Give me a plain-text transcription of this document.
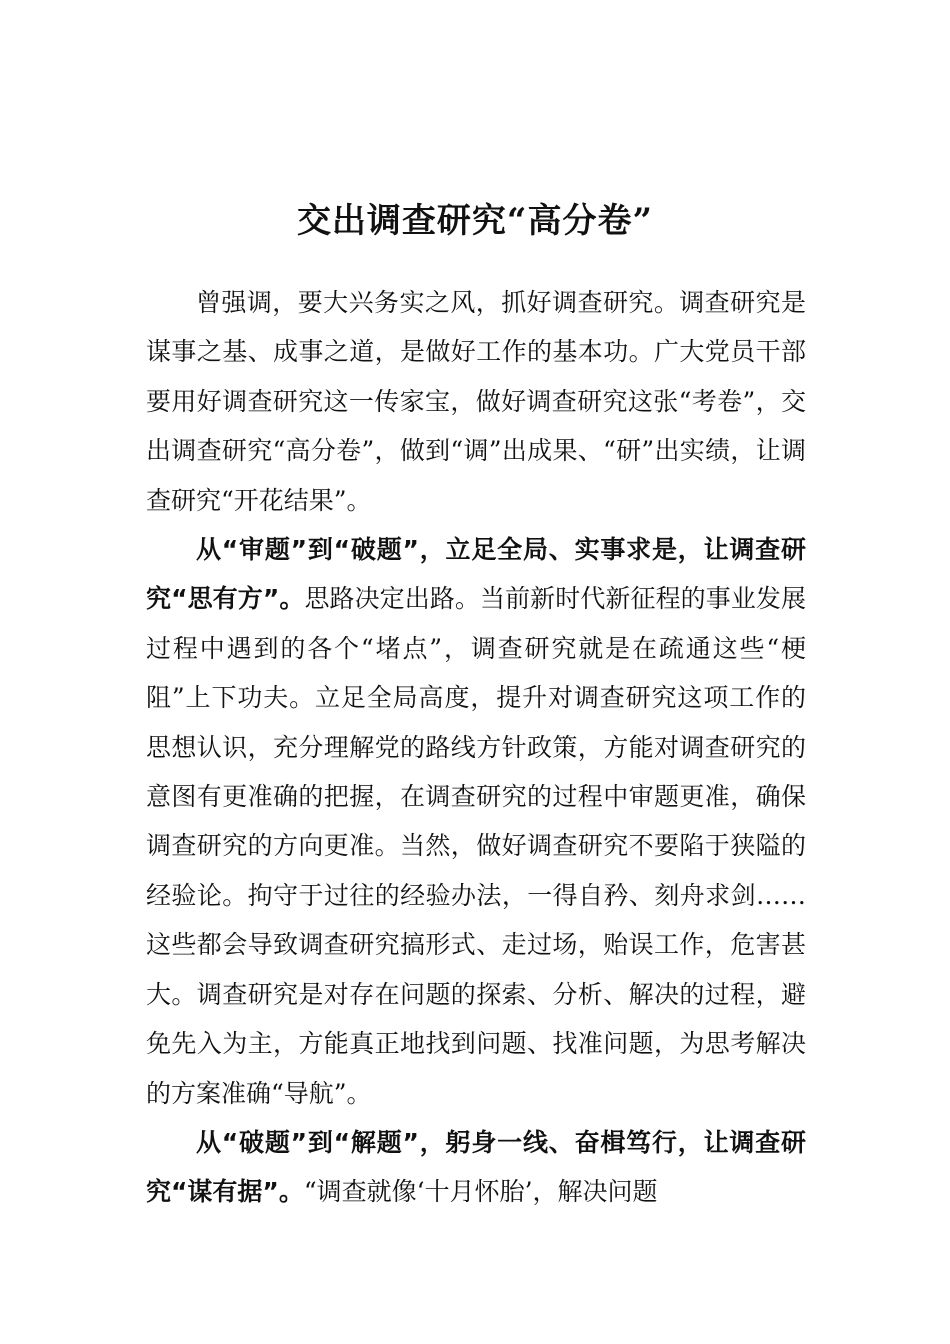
交出调查研究“高分卷”

曾强调，要大兴务实之风，抓好调查研究。调查研究是谋事之基、成事之道，是做好工作的基本功。广大党员干部要用好调查研究这一传家宝，做好调查研究这张“考卷”，交出调查研究“高分卷”，做到“调”出成果、“研”出实绩，让调查研究“开花结果”。

从“审题”到“破题”，立足全局、实事求是，让调查研究“思有方”。思路决定出路。当前新时代新征程的事业发展过程中遇到的各个“堵点”，调查研究就是在疏通这些“梗阻”上下功夫。立足全局高度，提升对调查研究这项工作的思想认识，充分理解党的路线方针政策，方能对调查研究的意图有更准确的把握，在调查研究的过程中审题更准，确保调查研究的方向更准。当然，做好调查研究不要陷于狭隘的经验论。拘守于过往的经验办法，一得自矜、刻舟求剑……这些都会导致调查研究搞形式、走过场，贻误工作，危害甚大。调查研究是对存在问题的探索、分析、解决的过程，避免先入为主，方能真正地找到问题、找准问题，为思考解决的方案准确“导航”。

从“破题”到“解题”，躬身一线、奋楫笃行，让调查研究“谋有据”。“调查就像‘十月怀胎’，解决问题
